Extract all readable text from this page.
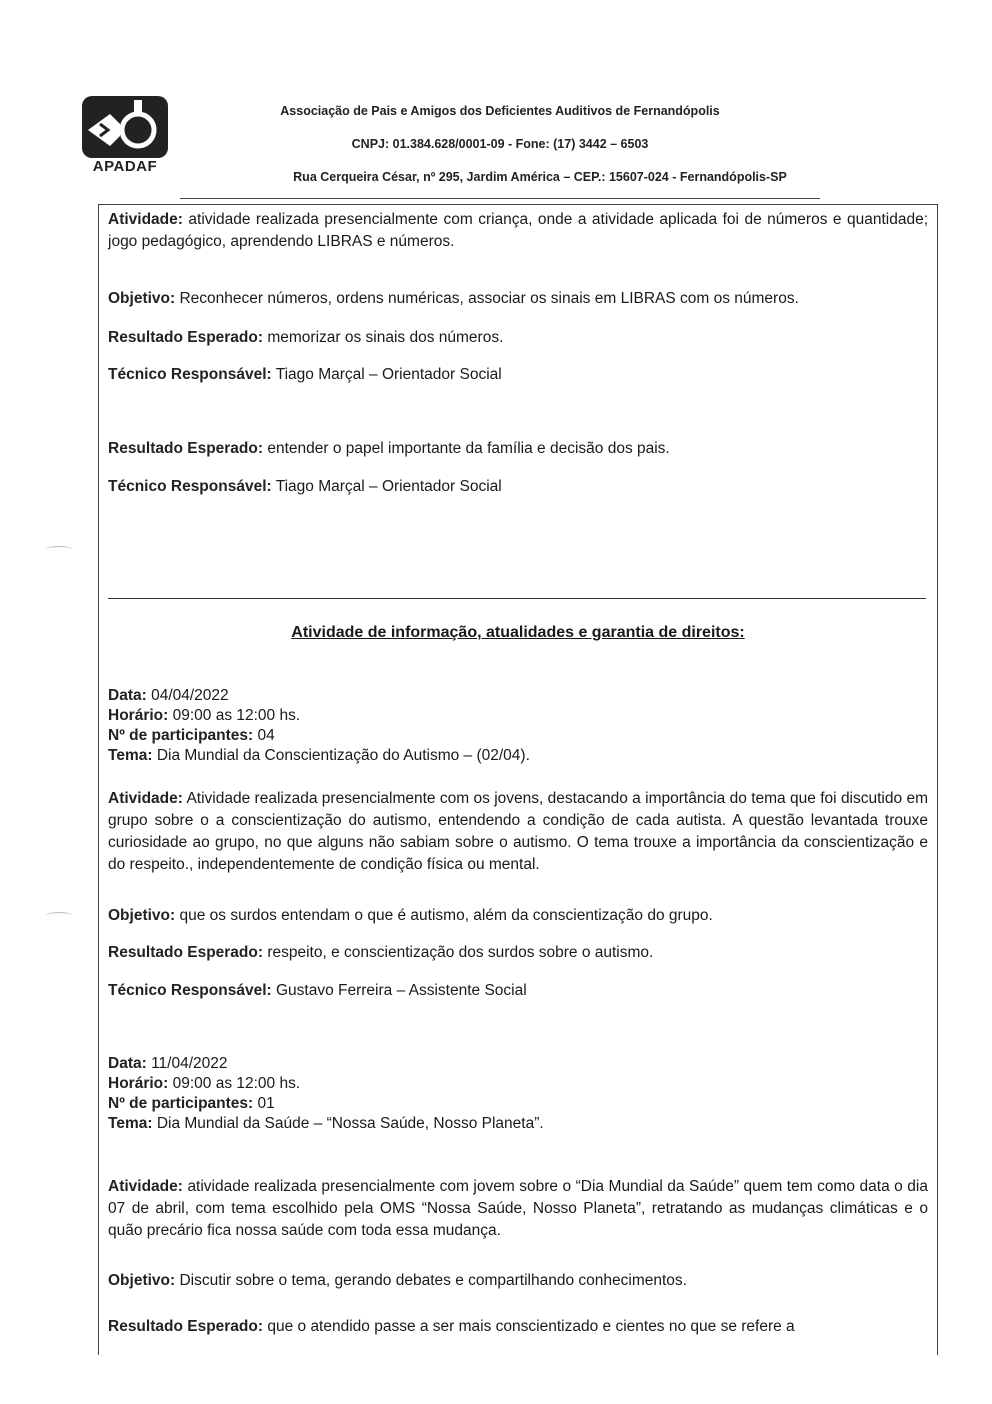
APADAF
Associação de Pais e Amigos dos Deficientes Auditivos de Fernandópolis
CNPJ: 01.384.628/0001-09 - Fone: (17) 3442 – 6503
Rua Cerqueira César, nº 295, Jardim América – CEP.: 15607-024 - Fernandópolis-SP
Atividade: atividade realizada presencialmente com criança, onde a atividade aplicada foi de números e quantidade; jogo pedagógico, aprendendo LIBRAS e números.
Objetivo: Reconhecer números, ordens numéricas, associar os sinais em LIBRAS com os números.
Resultado Esperado: memorizar os sinais dos números.
Técnico Responsável: Tiago Marçal – Orientador Social
Resultado Esperado: entender o papel importante da família e decisão dos pais.
Técnico Responsável: Tiago Marçal – Orientador Social
Atividade de informação, atualidades e garantia de direitos:
Data: 04/04/2022
Horário: 09:00 as 12:00 hs.
Nº de participantes: 04
Tema: Dia Mundial da Conscientização do Autismo – (02/04).
Atividade: Atividade realizada presencialmente com os jovens, destacando a importância do tema que foi discutido em grupo sobre o a conscientização do autismo, entendendo a condição de cada autista. A questão levantada trouxe curiosidade ao grupo, no que alguns não sabiam sobre o autismo. O tema trouxe a importância da conscientização e do respeito., independentemente de condição física ou mental.
Objetivo: que os surdos entendam o que é autismo, além da conscientização do grupo.
Resultado Esperado: respeito, e conscientização dos surdos sobre o autismo.
Técnico Responsável: Gustavo Ferreira – Assistente Social
Data: 11/04/2022
Horário: 09:00 as 12:00 hs.
Nº de participantes: 01
Tema: Dia Mundial da Saúde – “Nossa Saúde, Nosso Planeta”.
Atividade: atividade realizada presencialmente com jovem sobre o “Dia Mundial da Saúde” quem tem como data o dia 07 de abril, com tema escolhido pela OMS “Nossa Saúde, Nosso Planeta”, retratando as mudanças climáticas e o quão precário fica nossa saúde com toda essa mudança.
Objetivo: Discutir sobre o tema, gerando debates e compartilhando conhecimentos.
Resultado Esperado: que o atendido passe a ser mais conscientizado e cientes no que se refere a
